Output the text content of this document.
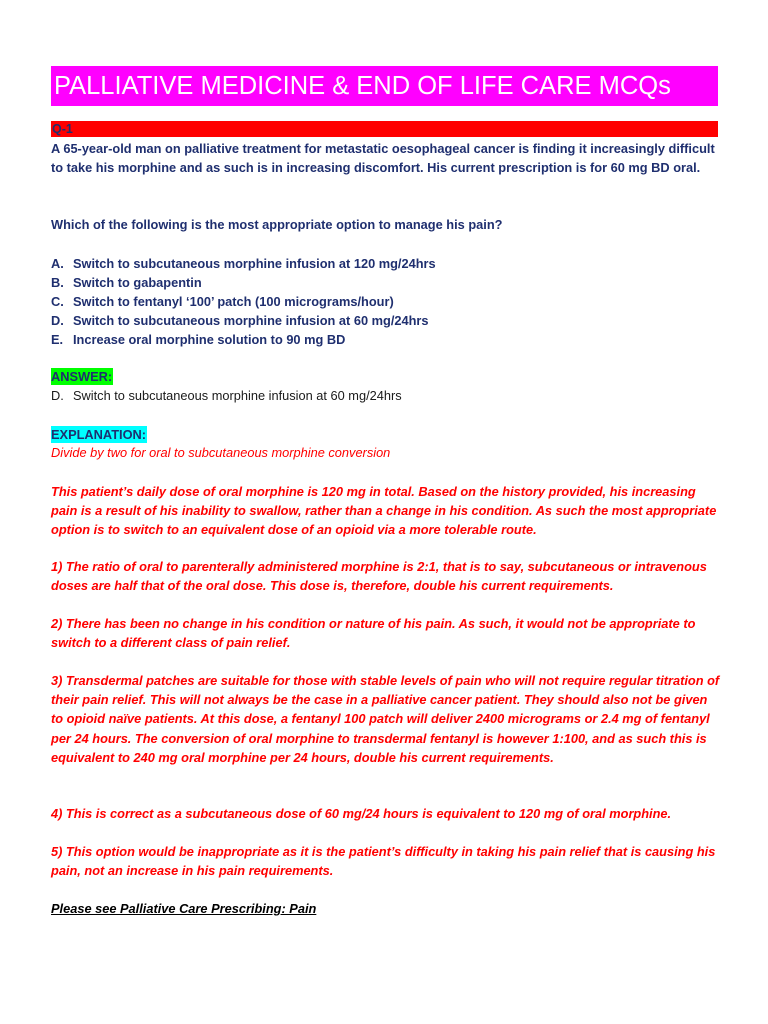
PALLIATIVE MEDICINE & END OF LIFE CARE MCQs
Q-1

A 65-year-old man on palliative treatment for metastatic oesophageal cancer is finding it increasingly difficult to take his morphine and as such is in increasing discomfort. His current prescription is for 60 mg BD oral.

Which of the following is the most appropriate option to manage his pain?

A. Switch to subcutaneous morphine infusion at 120 mg/24hrs
B. Switch to gabapentin
C. Switch to fentanyl ‘100’ patch (100 micrograms/hour)
D. Switch to subcutaneous morphine infusion at 60 mg/24hrs
E. Increase oral morphine solution to 90 mg BD
ANSWER:
D. Switch to subcutaneous morphine infusion at 60 mg/24hrs
EXPLANATION:

Divide by two for oral to subcutaneous morphine conversion

This patient’s daily dose of oral morphine is 120 mg in total. Based on the history provided, his increasing pain is a result of his inability to swallow, rather than a change in his condition. As such the most appropriate option is to switch to an equivalent dose of an opioid via a more tolerable route.

1) The ratio of oral to parenterally administered morphine is 2:1, that is to say, subcutaneous or intravenous doses are half that of the oral dose. This dose is, therefore, double his current requirements.

2) There has been no change in his condition or nature of his pain. As such, it would not be appropriate to switch to a different class of pain relief.

3) Transdermal patches are suitable for those with stable levels of pain who will not require regular titration of their pain relief. This will not always be the case in a palliative cancer patient. They should also not be given to opioid naïve patients. At this dose, a fentanyl 100 patch will deliver 2400 micrograms or 2.4 mg of fentanyl per 24 hours. The conversion of oral morphine to transdermal fentanyl is however 1:100, and as such this is equivalent to 240 mg oral morphine per 24 hours, double his current requirements.

4) This is correct as a subcutaneous dose of 60 mg/24 hours is equivalent to 120 mg of oral morphine.

5) This option would be inappropriate as it is the patient’s difficulty in taking his pain relief that is causing his pain, not an increase in his pain requirements.

Please see Palliative Care Prescribing: Pain
